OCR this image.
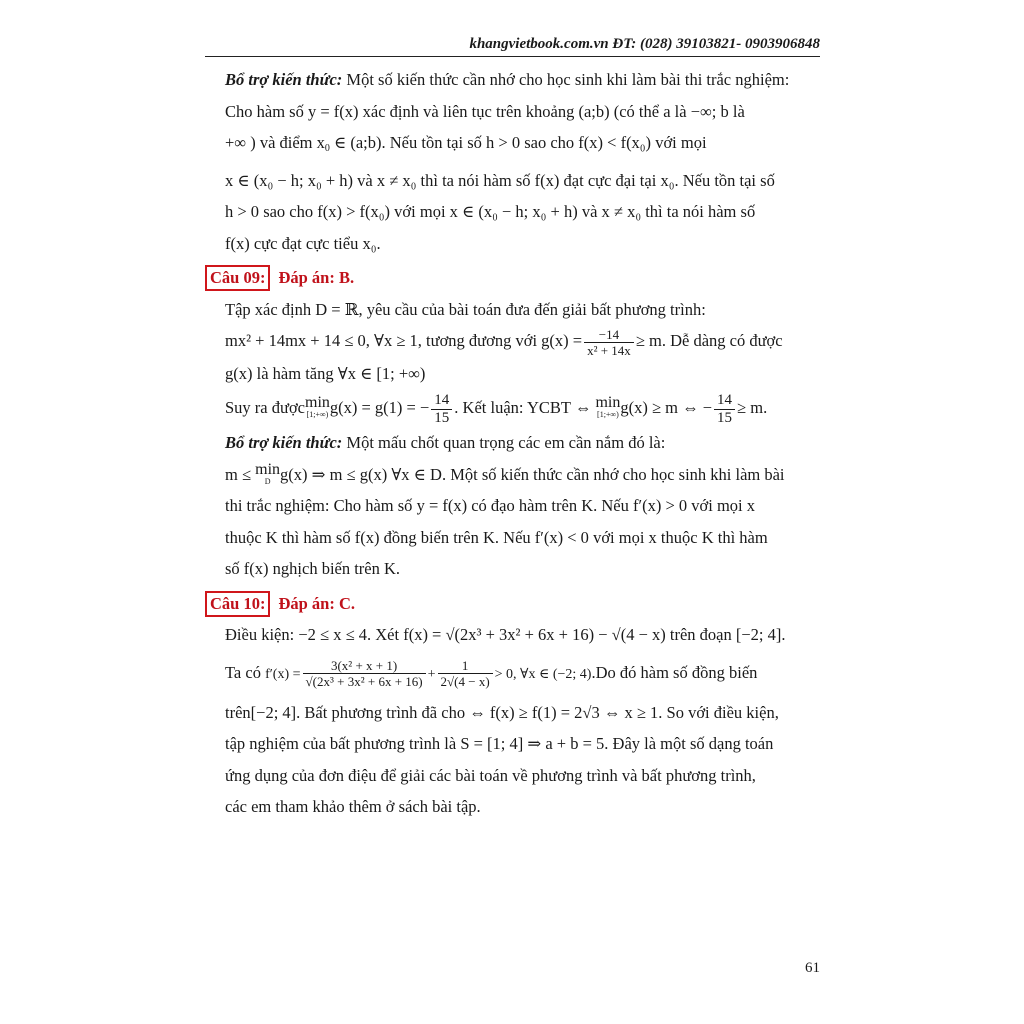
khangvietbook.com.vn ĐT: (028) 39103821- 0903906848

Bổ trợ kiến thức: Một số kiến thức cần nhớ cho học sinh khi làm bài thi trắc nghiệm:

Cho hàm số y = f(x) xác định và liên tục trên khoảng (a;b) (có thể a là −∞; b là

+∞ ) và điểm $x_0$ ∈ (a;b). Nếu tồn tại số h > 0 sao cho f(x) < f(x₀) với mọi

x ∈ (x₀ − h; x₀ + h) và x ≠ x₀ thì ta nói hàm số f(x) đạt cực đại tại x₀. Nếu tồn tại số

h > 0 sao cho f(x) > f(x₀) với mọi x ∈ (x₀ − h; x₀ + h) và x ≠ x₀ thì ta nói hàm số

f(x) cực đạt cực tiểu x₀.

Câu 09: Đáp án: B.

Tập xác định D = ℝ, yêu cầu của bài toán đưa đến giải bất phương trình:

mx² + 14mx + 14 ≤ 0, ∀x ≥ 1, tương đương với $g(x) = \frac{-14}{\text{x² + 14x}} \ge m$. Dễ dàng có được

g(x) là hàm tăng ∀x ∈ [1; +∞)

Suy ra được min
[1;+∞) g(x) = g(1) = − $\frac{14}{15}$ . Kết luận: YCBT ⇔ min
[1;+∞) g(x) ≥ m ⇔ − $\frac{14}{15} \ge m$.

Bổ trợ kiến thức: Một mấu chốt quan trọng các em cần nắm đó là:

m ≤ min
D g(x) ⇒ m ≤ g(x) ∀x ∈ D. Một số kiến thức cần nhớ cho học sinh khi làm bài

thi trắc nghiệm: Cho hàm số y = f(x) có đạo hàm trên K. Nếu f′(x) > 0 với mọi x

thuộc K thì hàm số f(x) đồng biến trên K. Nếu f′(x) < 0 với mọi x thuộc K thì hàm

số f(x) nghịch biến trên K.

Câu 10: Đáp án: C.

Điều kiện: −2 ≤ x ≤ 4. Xét f(x) = √(2x³ + 3x² + 6x + 16) − √(4 − x) trên đoạn [−2; 4].

Ta có $f'(x) = \frac{\text{3(x² + x + 1)}}{\text{√(2x³ + 3x² + 6x + 16)}} + \frac{1}{2√(4 - x)} > 0$, ∀x ∈ (−2; 4).Do đó hàm số đồng biến

trên[−2; 4]. Bất phương trình đã cho ⇔ f(x) ≥ f(1) = 2√3 ⇔ x ≥ 1. So với điều kiện,

tập nghiệm của bất phương trình là S = [1; 4] ⇒ a + b = 5. Đây là một số dạng toán

ứng dụng của đơn điệu để giải các bài toán về phương trình và bất phương trình,

các em tham khảo thêm ở sách bài tập.

61
